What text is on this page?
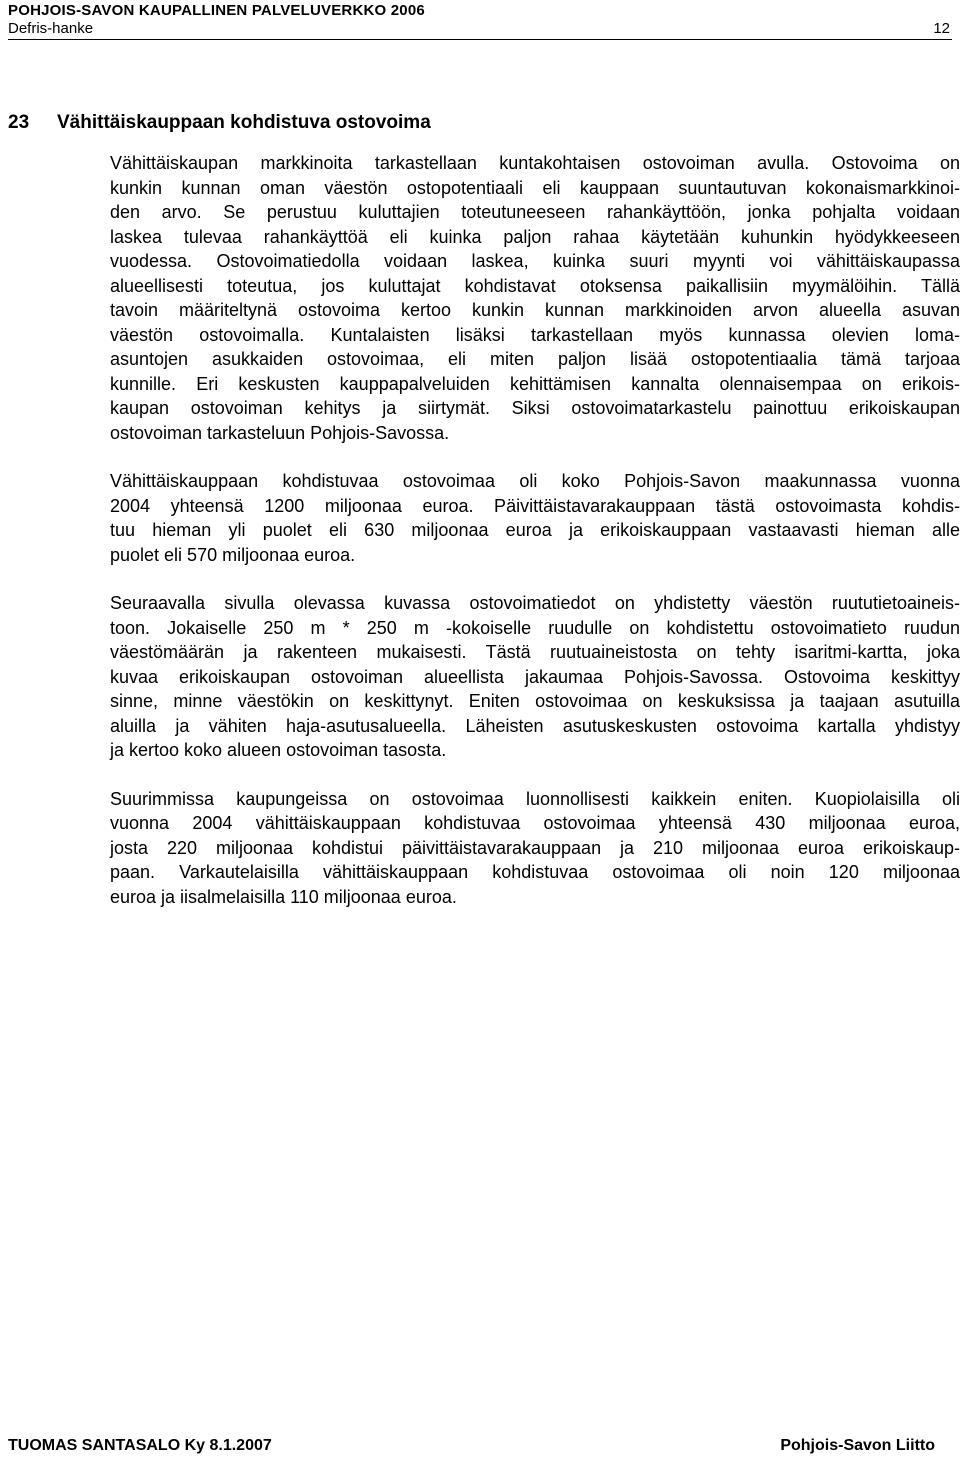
POHJOIS-SAVON KAUPALLINEN PALVELUVERKKO 2006
Defris-hanke	12
23 Vähittäiskauppaan kohdistuva ostovoima
Vähittäiskaupan markkinoita tarkastellaan kuntakohtaisen ostovoiman avulla. Ostovoima on
kunkin kunnan oman väestön ostopotentiaali eli kauppaan suuntautuvan kokonaismarkkinoi-
den arvo. Se perustuu kuluttajien toteutuneeseen rahankäyttöön, jonka pohjalta voidaan
laskea tulevaa rahankäyttöä eli kuinka paljon rahaa käytetään kuhunkin hyödykkeeseen
vuodessa. Ostovoimatiedolla voidaan laskea, kuinka suuri myynti voi vähittäiskaupassa
alueellisesti toteutua, jos kuluttajat kohdistavat otoksensa paikallisiin myymälöihin. Tällä
tavoin määriteltynä ostovoima kertoo kunkin kunnan markkinoiden arvon alueella asuvan
väestön ostovoimalla. Kuntalaisten lisäksi tarkastellaan myös kunnassa olevien loma-
asuntojen asukkaiden ostovoimaa, eli miten paljon lisää ostopotentiaalia tämä tarjoaa
kunnille. Eri keskusten kauppapalveluiden kehittämisen kannalta olennaisempaa on erikois-
kaupan ostovoiman kehitys ja siirtymät. Siksi ostovoimatarkastelu painottuu erikoiskaupan
ostovoiman tarkasteluun Pohjois-Savossa.
Vähittäiskauppaan kohdistuvaa ostovoimaa oli koko Pohjois-Savon maakunnassa vuonna
2004 yhteensä 1200 miljoonaa euroa. Päivittäistavarakauppaan tästä ostovoimasta kohdis-
tuu hieman yli puolet eli 630 miljoonaa euroa ja erikoiskauppaan vastaavasti hieman alle
puolet eli 570 miljoonaa euroa.
Seuraavalla sivulla olevassa kuvassa ostovoimatiedot on yhdistetty väestön ruututietoaineis-
toon. Jokaiselle 250 m * 250 m -kokoiselle ruudulle on kohdistettu ostovoimatieto ruudun
väestömäärän ja rakenteen mukaisesti. Tästä ruutuaineistosta on tehty isaritmi-kartta, joka
kuvaa erikoiskaupan ostovoiman alueellista jakaumaa Pohjois-Savossa. Ostovoima keskittyy
sinne, minne väestökin on keskittynyt. Eniten ostovoimaa on keskuksissa ja taajaan asutuilla
aluilla ja vähiten haja-asutusalueella. Läheisten asutuskeskusten ostovoima kartalla yhdistyy
ja kertoo koko alueen ostovoiman tasosta.
Suurimmissa kaupungeissa on ostovoimaa luonnollisesti kaikkein eniten. Kuopiolaisilla oli
vuonna 2004 vähittäiskauppaan kohdistuvaa ostovoimaa yhteensä 430 miljoonaa euroa,
josta 220 miljoonaa kohdistui päivittäistavarakauppaan ja 210 miljoonaa euroa erikoiskaup-
paan. Varkautelaisilla vähittäiskauppaan kohdistuvaa ostovoimaa oli noin 120 miljoonaa
euroa ja iisalmelaisilla 110 miljoonaa euroa.
TUOMAS SANTASALO Ky 8.1.2007	Pohjois-Savon Liitto
